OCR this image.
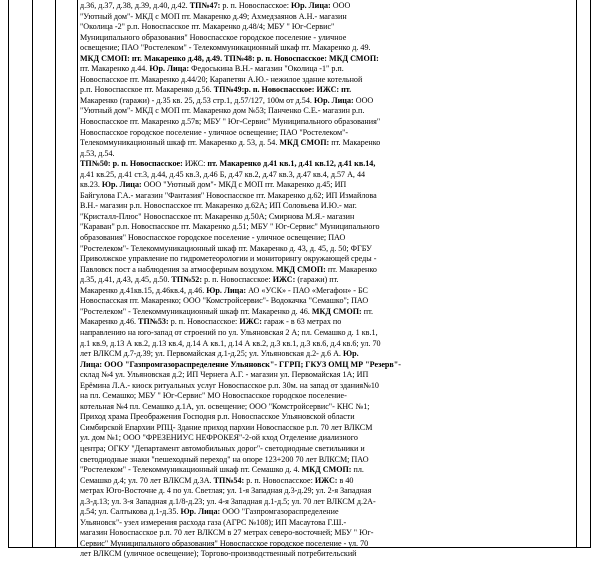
д.36, д.37, д.38, д.39, д.40, д.42. ТП№47: р. п. Новоспасское: Юр. Лица: ООО
"Уютный дом"- МКД с МОП пт. Макаренко д.49; Ахмедзаянов А.Н.- магазин
"Околица -2" р.п. Новоспасское пт. Макаренко д.48/4; МБУ " Юг-Сервис"
Муниципального образования" Новоспасское городское поселение - уличное
освещение; ПАО "Ростелеком" - Телекоммуникационный шкаф пт. Макаренко д. 49.
МКД СМОП: пт. Макаренко д.48, д.49. ТП№48: р. п. Новоспасское: МКД СМОП:
пт. Макаренко д.44. Юр. Лица: Федоськина В.Н.- магазин "Околица -1" р.п.
Новоспасское пт. Макаренко д.44/20; Карапетян А.Ю.- нежилое здание котельной
р.п. Новоспасское пт. Макаренко д.56. ТП№49:р. п. Новоспасское: ИЖС: пт.
Макаренко (гаражи) - д.35 кв. 25, д.53 стр.1, д.57/127, 100м от д.54. Юр. Лица: ООО
"Уютный дом"- МКД с МОП пт. Макаренко дом №53; Панченко С.Е.- магазин р.п.
Новоспасское пт. Макаренко д.57в; МБУ " Юг-Сервис" Муниципального образования"
Новоспасское городское поселение - уличное освещение; ПАО "Ростелеком"-
Телекоммуникационный шкаф пт. Макаренко д. 53, д. 54. МКД СМОП: пт. Макаренко
д.53, д.54.
ТП№50: р. п. Новоспасское: ИЖС: пт. Макаренко д.41 кв.1, д.41 кв.12, д.41 кв.14,
д.41 кв.25, д.41 ст.3, д.44, д.45 кв.3, д.46 Б, д.47 кв.2, д.47 кв.3, д.47 кв.4, д.57 А, 44
кв.23. Юр. Лица: ООО "Уютный дом"- МКД с МОП пт. Макаренко д.45; ИП
Байгулова Г.А.- магазин "Фантазия" Новоспасское пт. Макаренко д.62; ИП Измайлова
В.Н.- магазин р.п. Новоспасское пт. Макаренко д.62А; ИП Соловьева И.Ю.- маг.
"Кристалл-Плюс" Новоспасское пт. Макаренко д.50А; Смирнова М.Я.- магазин
"Караван" р.п. Новоспасское пт. Макаренко д.51; МБУ " Юг-Сервис" Муниципального
образования" Новоспасское городское поселение - уличное освещение; ПАО
"Ростелеком"- Телекоммуникационный шкаф пт. Макаренко д. 43, д. 45, д. 50; ФГБУ
Приволжское управление по гидрометеорологии и мониторингу окружающей среды -
Павловск пост а наблюдения за атмосферным воздухом. МКД СМОП: пт. Макаренко
д.35, д.41, д.43, д.45, д.50. ТП№52: р. п. Новоспасское: ИЖС: (гаражи) пт.
Макаренко д.41кв.15, д.46кв.4, д.46. Юр. Лица: АО «УСК» - ПАО «Мегафон» - БС
Новоспасская пт. Макаренко; ООО "Комстройсервис"- Водокачка "Семашко"; ПАО
"Ростелеком" - Телекоммуникационный шкаф пт. Макаренко д. 46. МКД СМОП: пт.
Макаренко д.46. ТП№53: р. п. Новоспасское: ИЖС: гараж - в 63 метрах по
направлению на юго-запад от строений по ул. Ульяновская 2 А; пл. Семашко д. 1 кв.1,
д.1 кв.9, д.13 А кв.2, д.13 кв.4, д.14 А кв.1, д.14 А кв.2, д.3 кв.1, д.3 кв.6, д.4 кв.6; ул. 70
лет ВЛКСМ д.7-д.39; ул. Первомайская д.1-д.25; ул. Ульяновская д.2- д.6 А. Юр.
Лица: ООО "Газпромгазораспределение Ульяновск"- ГГРП; ГКУЗ ОМЦ МР "Резерв"-
склад №4 ул. Ульяновская д.2; ИП Чернега А.Г. - магазин ул. Первомайская 1А; ИП
Ерёмина Л.А.- киоск ритуальных услуг Новоспасское р.п. 30м. на запад от здания№10
на пл. Семашко; МБУ " Юг-Сервис" МО Новоспасское городское поселение-
котельная №4 пл. Семашко д.1А, ул. освещение; ООО "Комстройсервис"- КНС №1;
Приход храма Преображения Господня р.п. Новоспасское Ульяновской области
Симбирской Епархии РПЦ- Здание приход пархии Новоспасское р.п. 70 лет ВЛКСМ
ул. дом №1; ООО "ФРЕЗЕНИУС НЕФРОКЕЯ"-2-ой кход Отделение диализного
центра; ОГКУ "Департамент автомобильных дорог"- светодиодные светильники и
светодиодные знаки "пешеходный переход" на опоре 123+200 70 лет ВЛКСМ; ПАО
"Ростелеком" - Телекоммуникационный шкаф пт. Семашко д. 4. МКД СМОП: пл.
Семашко д.4; ул. 70 лет ВЛКСМ д.3А. ТП№54: р. п. Новоспасское: ИЖС: в 40
метрах Юго-Восточне д. 4 по ул. Светлая; ул. 1-я Западная д.3-д.29; ул. 2-я Западная
д.3-д.13; ул. 3-я Западная д.1/8-д.23; ул. 4-я Западная д.1-д.5; ул. 70 лет ВЛКСМ д.2А-
д.54; ул. Салтыкова д.1-д.35. Юр. Лица: ООО "Газпромгазораспределение
Ульяновск"- узел измерения расхода газа (АГРС №108); ИП Масаутова Г.Ш.-
магазин Новоспасское р.п. 70 лет ВЛКСМ в 27 метрах северо-восточней; МБУ " Юг-
Сервис" Муниципального образования" Новоспасское городское поселение - ул. 70
лет ВЛКСМ (уличное освещение); Торгово-производственный потребительский
